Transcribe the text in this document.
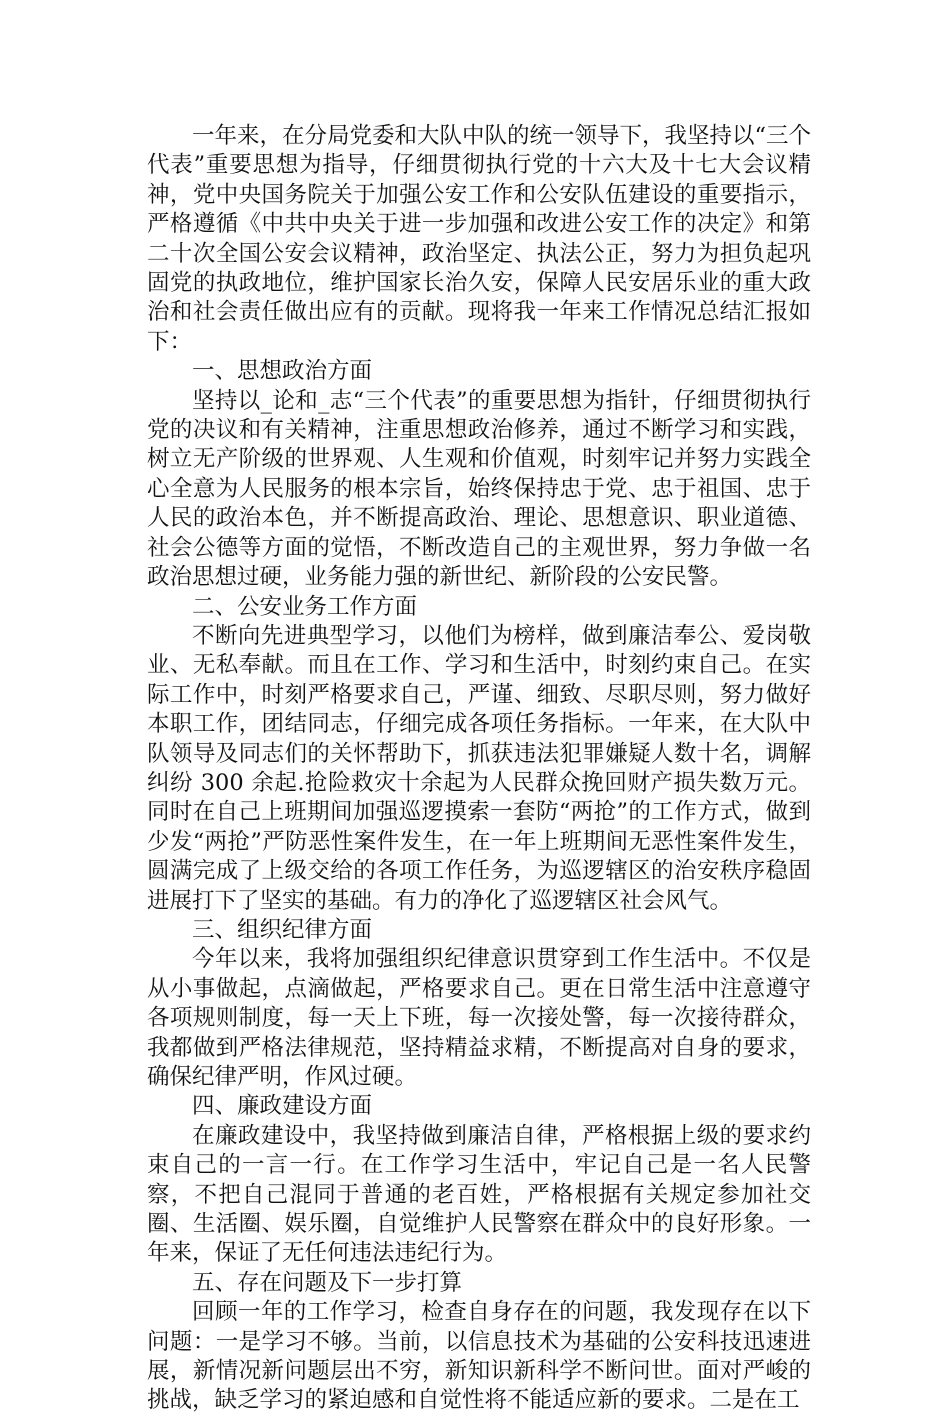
一年来，在分局党委和大队中队的统一领导下，我坚持以“三个代表”重要思想为指导，仔细贯彻执行党的十六大及十七大会议精神，党中央国务院关于加强公安工作和公安队伍建设的重要指示，严格遵循《中共中央关于进一步加强和改进公安工作的决定》和第二十次全国公安会议精神，政治坚定、执法公正，努力为担负起巩固党的执政地位，维护国家长治久安，保障人民安居乐业的重大政治和社会责任做出应有的贡献。现将我一年来工作情况总结汇报如下：

一、思想政治方面

坚持以_论和_志“三个代表”的重要思想为指针，仔细贯彻执行党的决议和有关精神，注重思想政治修养，通过不断学习和实践，树立无产阶级的世界观、人生观和价值观，时刻牢记并努力实践全心全意为人民服务的根本宗旨，始终保持忠于党、忠于祖国、忠于人民的政治本色，并不断提高政治、理论、思想意识、职业道德、社会公德等方面的觉悟，不断改造自己的主观世界，努力争做一名政治思想过硬，业务能力强的新世纪、新阶段的公安民警。

二、公安业务工作方面

不断向先进典型学习，以他们为榜样，做到廉洁奉公、爱岗敬业、无私奉献。而且在工作、学习和生活中，时刻约束自己。在实际工作中，时刻严格要求自己，严谨、细致、尽职尽则，努力做好本职工作，团结同志，仔细完成各项任务指标。一年来，在大队中队领导及同志们的关怀帮助下，抓获违法犯罪嫌疑人数十名，调解纠纷 300 余起.抢险救灾十余起为人民群众挽回财产损失数万元。同时在自己上班期间加强巡逻摸索一套防“两抢”的工作方式，做到少发“两抢”严防恶性案件发生，在一年上班期间无恶性案件发生，圆满完成了上级交给的各项工作任务，为巡逻辖区的治安秩序稳固进展打下了坚实的基础。有力的净化了巡逻辖区社会风气。

三、组织纪律方面

今年以来，我将加强组织纪律意识贯穿到工作生活中。不仅是从小事做起，点滴做起，严格要求自己。更在日常生活中注意遵守各项规则制度，每一天上下班，每一次接处警，每一次接待群众，我都做到严格法律规范，坚持精益求精，不断提高对自身的要求，确保纪律严明，作风过硬。

四、廉政建设方面

在廉政建设中，我坚持做到廉洁自律，严格根据上级的要求约束自己的一言一行。在工作学习生活中，牢记自己是一名人民警察，不把自己混同于普通的老百姓，严格根据有关规定参加社交圈、生活圈、娱乐圈，自觉维护人民警察在群众中的良好形象。一年来，保证了无任何违法违纪行为。

五、存在问题及下一步打算

回顾一年的工作学习，检查自身存在的问题，我发现存在以下问题：一是学习不够。当前，以信息技术为基础的公安科技迅速进展，新情况新问题层出不穷，新知识新科学不断问世。面对严峻的挑战，缺乏学习的紧迫感和自觉性将不能适应新的要求。二是在工
